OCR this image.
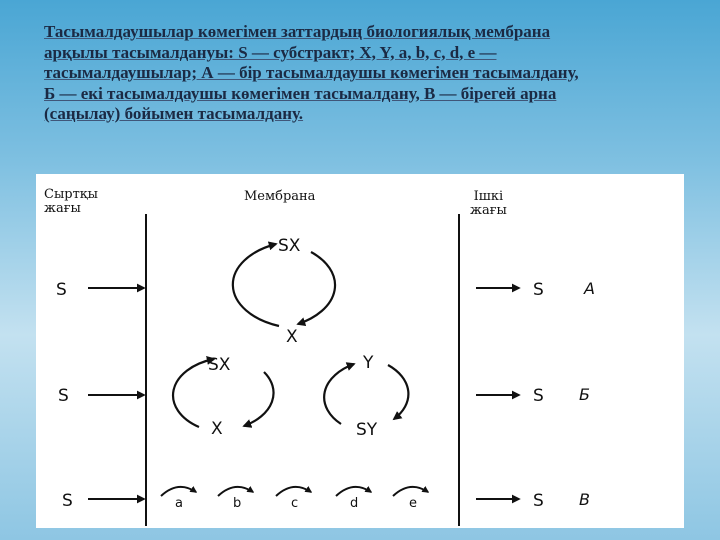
Тасымалдаушылар көмегімен заттардың биологиялық мембрана
арқылы тасымалдануы: S — субстракт; X, Y, a, b, c, d, e —
тасымалдаушылар; А — бір тасымалдаушы көмегімен тасымалдану,
Б — екі тасымалдаушы көмегімен тасымалдану, В — бірегей арна
(саңылау) бойымен тасымалдану.
S
SX
X
S	А
S
SX
X
Y
SY
S Б
S	a	b	c	d	e	S В
Сыртқы
жағы
Мембрана	Ішкі
жағы
